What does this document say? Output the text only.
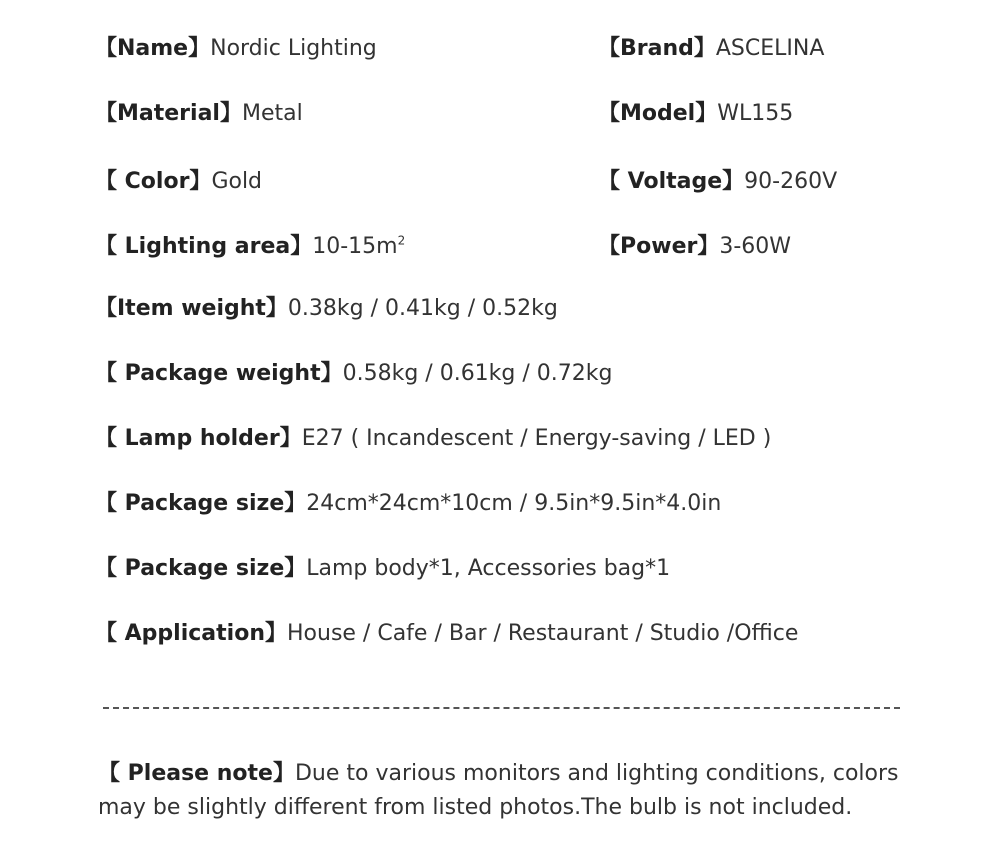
【Name】Nordic Lighting	【Brand】ASCELINA
【Material】Metal	【Model】WL155
【 Color】Gold	【 Voltage】90-260V
【 Lighting area】$10-15m^2$	【Power】3-60W
【Item weight】0.38kg / 0.41kg / 0.52kg
【 Package weight】0.58kg / 0.61kg / 0.72kg
【 Lamp holder】E27 ( Incandescent / Energy-saving / LED )
【 Package size】24cm*24cm*10cm / 9.5in*9.5in*4.0in
【 Package size】Lamp body*1, Accessories bag*1
【 Application】House / Cafe / Bar / Restaurant / Studio /Office
【 Please note】Due to various monitors and lighting conditions, colors may be slightly different from listed photos.The bulb is not included.
